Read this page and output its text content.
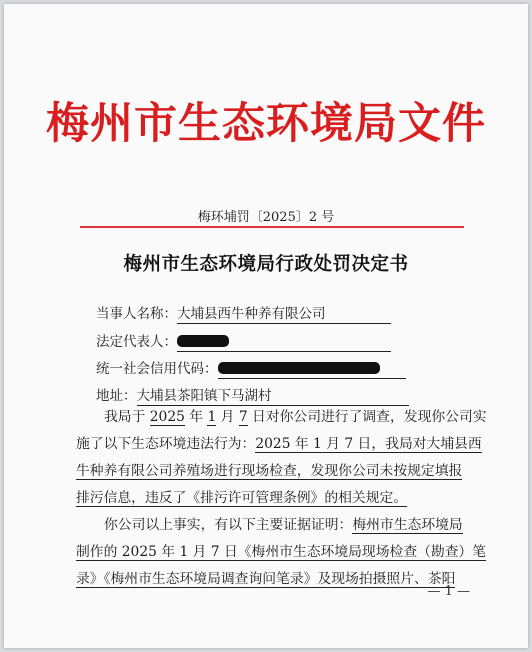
梅州市生态环境局文件
梅环埔罚〔2025〕2 号
梅州市生态环境局行政处罚决定书
当事人名称：大埔县西牛种养有限公司
法定代表人：
统一社会信用代码：
地址：大埔县茶阳镇下马湖村
我局于 2025 年 1 月 7 日对你公司进行了调查，发现你公司实
施了以下生态环境违法行为：2025 年 1 月 7 日，我局对大埔县西
牛种养有限公司养殖场进行现场检查，发现你公司未按规定填报
排污信息，违反了《排污许可管理条例》的相关规定。
你公司以上事实，有以下主要证据证明：梅州市生态环境局
制作的 2025 年 1 月 7 日《梅州市生态环境局现场检查（勘查）笔
录》《梅州市生态环境局调查询问笔录》及现场拍摄照片、茶阳
— 1 —
